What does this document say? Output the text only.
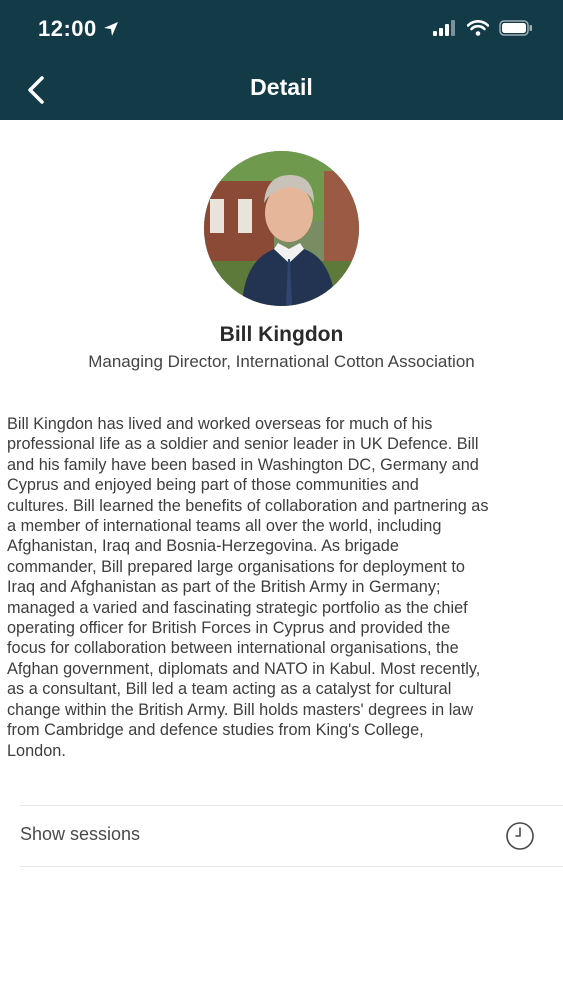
12:00
Detail
Bill Kingdon
Managing Director, International Cotton Association
Bill Kingdon has lived and worked overseas for much of his
professional life as a soldier and senior leader in UK Defence. Bill
and his family have been based in Washington DC, Germany and
Cyprus and enjoyed being part of those communities and
cultures. Bill learned the benefits of collaboration and partnering as
a member of international teams all over the world, including
Afghanistan, Iraq and Bosnia-Herzegovina. As brigade
commander, Bill prepared large organisations for deployment to
Iraq and Afghanistan as part of the British Army in Germany;
managed a varied and fascinating strategic portfolio as the chief
operating officer for British Forces in Cyprus and provided the
focus for collaboration between international organisations, the
Afghan government, diplomats and NATO in Kabul. Most recently,
as a consultant, Bill led a team acting as a catalyst for cultural
change within the British Army. Bill holds masters' degrees in law
from Cambridge and defence studies from King's College,
London.
Show sessions
